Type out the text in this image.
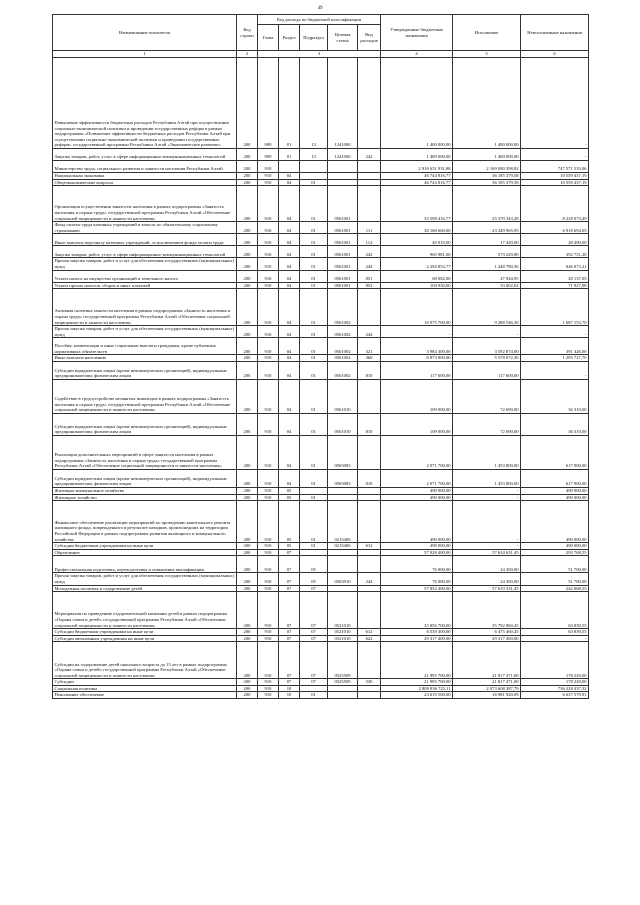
49
Наименование показателя	Код строки	Код расхода по бюджетной классификации					Утвержденные бюджетные назначения	Исполнение	Неисполненные назначения
		Глава	Раздел	Подраздел	Целевая статья	Вид расходов			
1	2	3					4	5	6
Повышение эффективности бюджетных расходов Республики Алтай при осуществлении социально-экономической политики и проведении государственных реформ в рамках подпрограммы «Повышение эффективности бюджетных расходов Республики Алтай при осуществлении социально-экономической политики и проведении государственных реформ» государственной программы Республики Алтай «Экономическое развитие»	200	909	01	13	1241000		1 400 000,00	1 400 000,00	-
Закупка товаров, работ, услуг в сфере информационно-коммуникационных технологий	200	909	01	13	1241000	242	1 400 000,00	1 400 000,00	-
Министерство труда, социального развития и занятости населения Республики Алтай	200	910					2 916 651 931,88	2 169 080 398,82	747 571 533,06
Национальная экономика	200	910	04				46 744 816,77	36 185 379,58	10 559 437,19
Общеэкономические вопросы	200	910	04	01			46 744 816,77	36 185 379,58	10 559 437,19
Организация осуществления занятости населения в рамках подпрограммы «Занятость населения и охрана труда» государственной программы Республики Алтай «Обеспечение социальной защищенности и занятости населения»	200	910	04	01	0561001		33 598 416,77	25 370 343,28	8 228 073,49
Фонд оплаты труда казенных учреждений и взносы по обязательному социальному страхованию	200	910	04	01	0561001	111	30 168 660,00	23 249 965,95	6 918 694,05
Иные выплаты персоналу казенных учреждений, за исключением фонда оплаты труда	200	910	04	01	0561001	112	45 910,00	17 420,00	28 490,00
Закупка товаров, работ, услуг в сфере информационно-коммуникационных технологий	200	910	04	01	0561001	242	965 981,00	573 229,80	392 751,20
Прочая закупка товаров, работ и услуг для обеспечения государственных (муниципальных) нужд	200	910	04	01	0561001	244	2 294 853,77	1 448 780,56	846 073,21
Уплата налога на имущество организаций и земельного налога	200	910	04	01	0561001	851	68 082,00	47 944,95	20 137,05
Уплата прочих налогов, сборов и иных платежей	200	910	04	01	0561001	852	104 930,00	33 002,02	71 927,98
Активная политика занятости населения в рамках подпрограммы «Занятость населения и охрана труда» государственной программы Республики Алтай «Обеспечение социальной защищенности и занятости населения»	200	910	04	01	0561002		10 975 700,00	9 288 546,30	1 687 153,70
Прочая закупка товаров, работ и услуг для обеспечения государственных (муниципальных) нужд	200	910	04	01	0561002	244	-	-	-
Пособия, компенсации и иные социальные выплаты гражданам, кроме публичных нормативных обязательств	200	910	04	01	0561002	321	3 984 300,00	3 592 874,00	391 426,00
Иные выплаты населению	200	910	04	01	0561002	360	6 873 800,00	5 578 072,30	1 295 727,70
Субсидии юридическим лицам (кроме некоммерческих организаций), индивидуальным предпринимателям, физическим лицам	200	910	04	01	0561002	810	117 600,00	117 600,00	-
Содействие в трудоустройстве незанятых инвалидов в рамках подпрограммы «Занятость населения и охрана труда» государственной программы Республики Алтай «Обеспечение социальной защищенности и занятости населения»	200	910	04	01	0561010		109 000,00	72 690,00	36 310,00
Субсидии юридическим лицам (кроме некоммерческих организаций), индивидуальным предпринимателям, физическим лицам	200	910	04	01	0561010	810	109 000,00	72 690,00	36 310,00
Реализация дополнительных мероприятий в сфере занятости населения в рамках подпрограммы «Занятость населения и охрана труда» государственной программы Республики Алтай «Обеспечение социальной защищенности и занятости населения»	200	910	04	01	0565083		2 071 700,00	1 453 800,00	617 900,00
Субсидии юридическим лицам (кроме некоммерческих организаций), индивидуальным предпринимателям, физическим лицам	200	910	04	01	0565083	810	2 071 700,00	1 453 800,00	617 900,00
Жилищно-коммунальное хозяйство	200	910	05				490 000,00	-	490 000,00
Жилищное хозяйство	200	910	05	01			490 000,00	-	490 000,00
Финансовое обеспечение реализации мероприятий по проведению капитального ремонта жилищного фонда, поврежденного в результате паводков, произошедших на территории Российской Федерации в рамках подпрограммы развития жилищного и коммунального хозяйства	200	910	05	01	0215406		490 000,00	-	490 000,00
Субсидии бюджетным учреждениям на иные цели	200	910	05	01	0215406	612	490 000,00	-	490 000,00
Образование	200	910	07				57 928 400,00	57 634 631,45	293 768,55
Профессиональная подготовка, переподготовка и повышение квалификации	200	910	07	05			76 000,00	24 300,00	51 700,00
Прочая закупка товаров, работ и услуг для обеспечения государственных (муниципальных) нужд	200	910	07	05	0503910	244	76 000,00	24 300,00	51 700,00
Молодежная политика и оздоровление детей	200	910	07	07			57 852 400,00	57 610 331,45	242 068,55
Мероприятия по проведению оздоровительной кампании детей в рамках подпрограммы «Охрана семьи и детей» государственной программы Республики Алтай «Обеспечение социальной защищенности и занятости населения»	200	910	07	07	0521010		35 856 700,00	35 792 860,45	63 839,55
Субсидии бюджетным учреждениям на иные цели	200	910	07	07	0521010	612	6 539 300,00	6 475 460,45	63 839,55
Субсидии автономным учреждениям на иные цели	200	910	07	07	0521010	622	29 317 400,00	29 317 400,00	-
Субсидии на оздоровление детей школьного возраста до 15 лет в рамках подпрограммы «Охрана семьи и детей» государственной программы Республики Алтай «Обеспечение социальной защищенности и занятости населения»	200	910	07	07	0525509		21 995 700,00	21 817 471,00	178 229,00
Субсидии	200	910	07	07	0525509	530	21 995 700,00	21 817 471,00	178 229,00
Социальная политика	200	910	10				2 809 836 725,11	2 073 608 387,79	736 228 337,32
Пенсионное обеспечение	200	910	10	01			23 619 500,00	16 981 920,09	6 637 579,91
